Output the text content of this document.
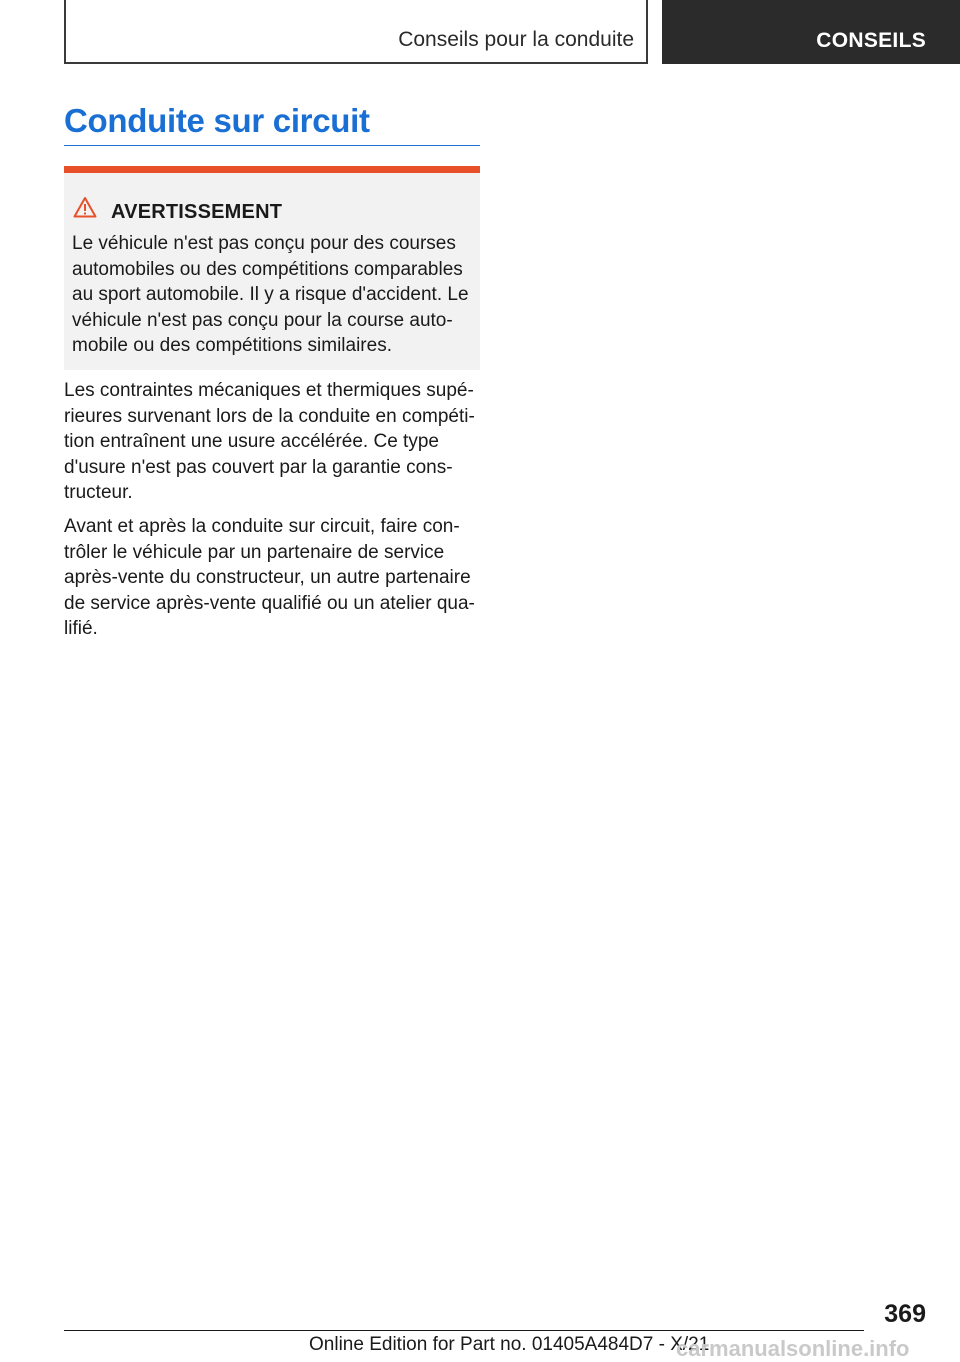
Conseils pour la conduite	CONSEILS
Conduite sur circuit
AVERTISSEMENT
Le véhicule n'est pas conçu pour des courses
automobiles ou des compétitions comparables
au sport automobile. Il y a risque d'accident. Le
véhicule n'est pas conçu pour la course auto-
mobile ou des compétitions similaires.
Les contraintes mécaniques et thermiques supé-
rieures survenant lors de la conduite en compéti-
tion entraînent une usure accélérée. Ce type
d'usure n'est pas couvert par la garantie cons-
tructeur.
Avant et après la conduite sur circuit, faire con-
trôler le véhicule par un partenaire de service
après-vente du constructeur, un autre partenaire
de service après-vente qualifié ou un atelier qua-
lifié.
369
Online Edition for Part no. 01405A484D7 - X/21
carmanualsonline.info
